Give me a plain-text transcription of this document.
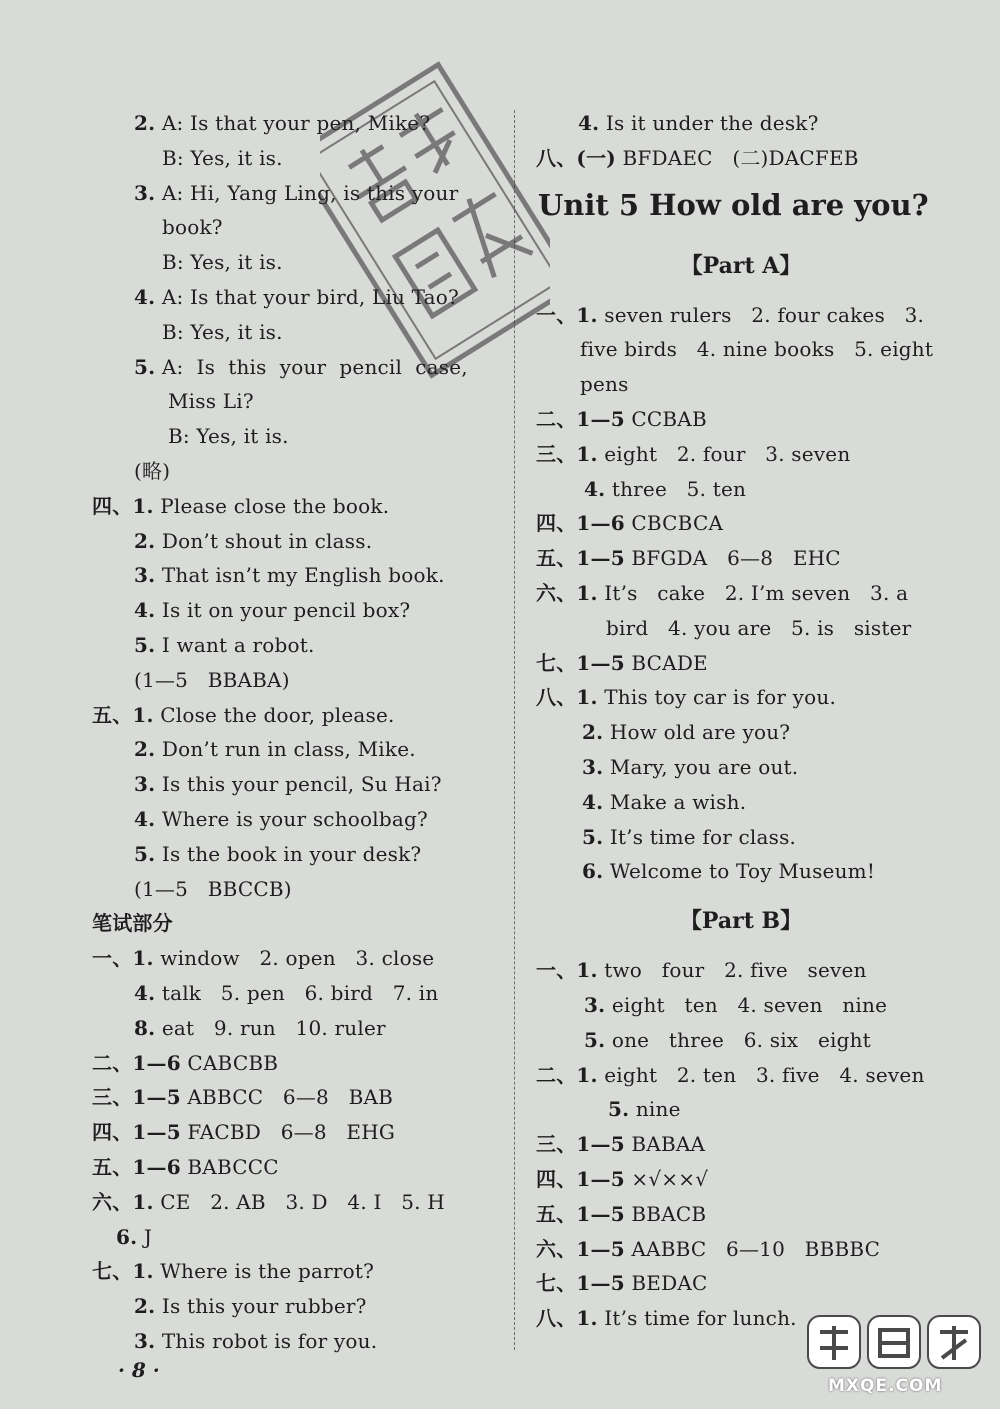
2. A: Is that your pen, Mike?
B: Yes, it is.
3. A: Hi, Yang Ling, is this your
book?
B: Yes, it is.
4. A: Is that your bird, Liu Tao?
B: Yes, it is.
5. A:  Is  this  your  pencil  case,
Miss Li?
B: Yes, it is.
(略)
四、1. Please close the book.
2. Don’t shout in class.
3. That isn’t my English book.
4. Is it on your pencil box?
5. I want a robot.
(1—5   BBABA)
五、1. Close the door, please.
2. Don’t run in class, Mike.
3. Is this your pencil, Su Hai?
4. Where is your schoolbag?
5. Is the book in your desk?
(1—5   BBCCB)
笔试部分
一、1. window   2. open   3. close
4. talk   5. pen   6. bird   7. in
8. eat   9. run   10. ruler
二、1—6 CABCBB
三、1—5 ABBCC   6—8   BAB
四、1—5 FACBD   6—8   EHG
五、1—6 BABCCC
六、1. CE   2. AB   3. D   4. I   5. H
6. J
七、1. Where is the parrot?
2. Is this your rubber?
3. This robot is for you.
4. Is it under the desk?
八、(一) BFDAEC   (二)DACFEB
Unit 5 How old are you?
【Part A】
一、1. seven rulers   2. four cakes   3.
five birds   4. nine books   5. eight
pens
二、1—5 CCBAB
三、1. eight   2. four   3. seven
4. three   5. ten
四、1—6 CBCBCA
五、1—5 BFGDA   6—8   EHC
六、1. It’s   cake   2. I’m seven   3. a
bird   4. you are   5. is   sister
七、1—5 BCADE
八、1. This toy car is for you.
2. How old are you?
3. Mary, you are out.
4. Make a wish.
5. It’s time for class.
6. Welcome to Toy Museum!
【Part B】
一、1. two   four   2. five   seven
3. eight   ten   4. seven   nine
5. one   three   6. six   eight
二、1. eight   2. ten   3. five   4. seven
5. nine
三、1—5 BABAA
四、1—5 ×√××√
五、1—5 BBACB
六、1—5 AABBC   6—10   BBBBC
七、1—5 BEDAC
八、1. It’s time for lunch.
· 8 ·
MXQE.COM
